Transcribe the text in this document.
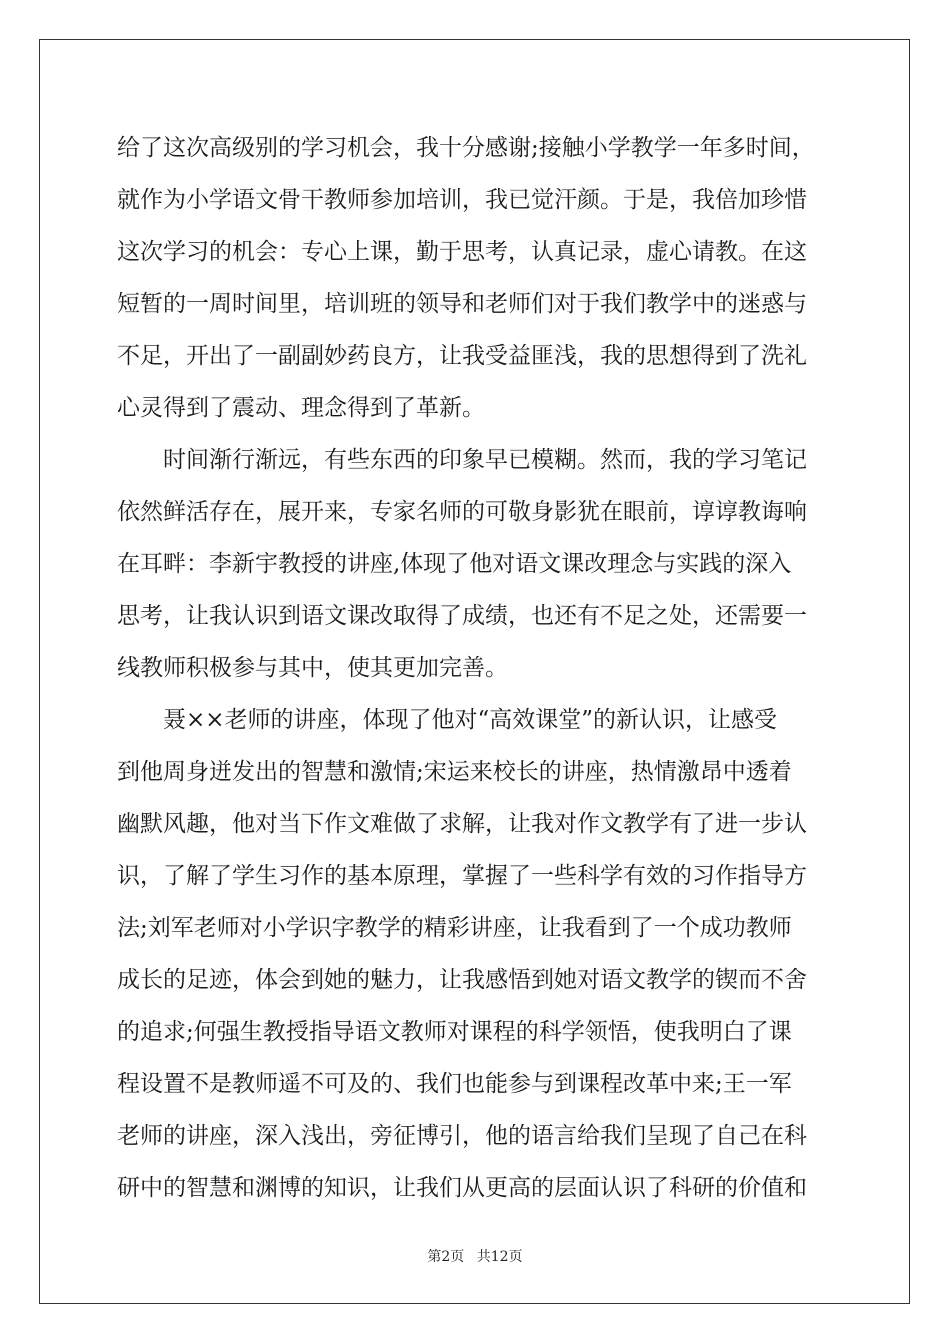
给了这次高级别的学习机会，我十分感谢;接触小学教学一年多时间，
就作为小学语文骨干教师参加培训，我已觉汗颜。于是，我倍加珍惜
这次学习的机会：专心上课，勤于思考，认真记录，虚心请教。在这
短暂的一周时间里，培训班的领导和老师们对于我们教学中的迷惑与
不足，开出了一副副妙药良方，让我受益匪浅，我的思想得到了洗礼
心灵得到了震动、理念得到了革新。
　　时间渐行渐远，有些东西的印象早已模糊。然而，我的学习笔记
依然鲜活存在，展开来，专家名师的可敬身影犹在眼前，谆谆教诲响
在耳畔：李新宇教授的讲座,体现了他对语文课改理念与实践的深入
思考，让我认识到语文课改取得了成绩，也还有不足之处，还需要一
线教师积极参与其中，使其更加完善。
　　聂××老师的讲座，体现了他对“高效课堂”的新认识，让感受
到他周身迸发出的智慧和激情;宋运来校长的讲座，热情激昂中透着
幽默风趣，他对当下作文难做了求解，让我对作文教学有了进一步认
识，了解了学生习作的基本原理，掌握了一些科学有效的习作指导方
法;刘军老师对小学识字教学的精彩讲座，让我看到了一个成功教师
成长的足迹，体会到她的魅力，让我感悟到她对语文教学的锲而不舍
的追求;何强生教授指导语文教师对课程的科学领悟，使我明白了课
程设置不是教师遥不可及的、我们也能参与到课程改革中来;王一军
老师的讲座，深入浅出，旁征博引，他的语言给我们呈现了自己在科
研中的智慧和渊博的知识，让我们从更高的层面认识了科研的价值和
第2页 共12页
